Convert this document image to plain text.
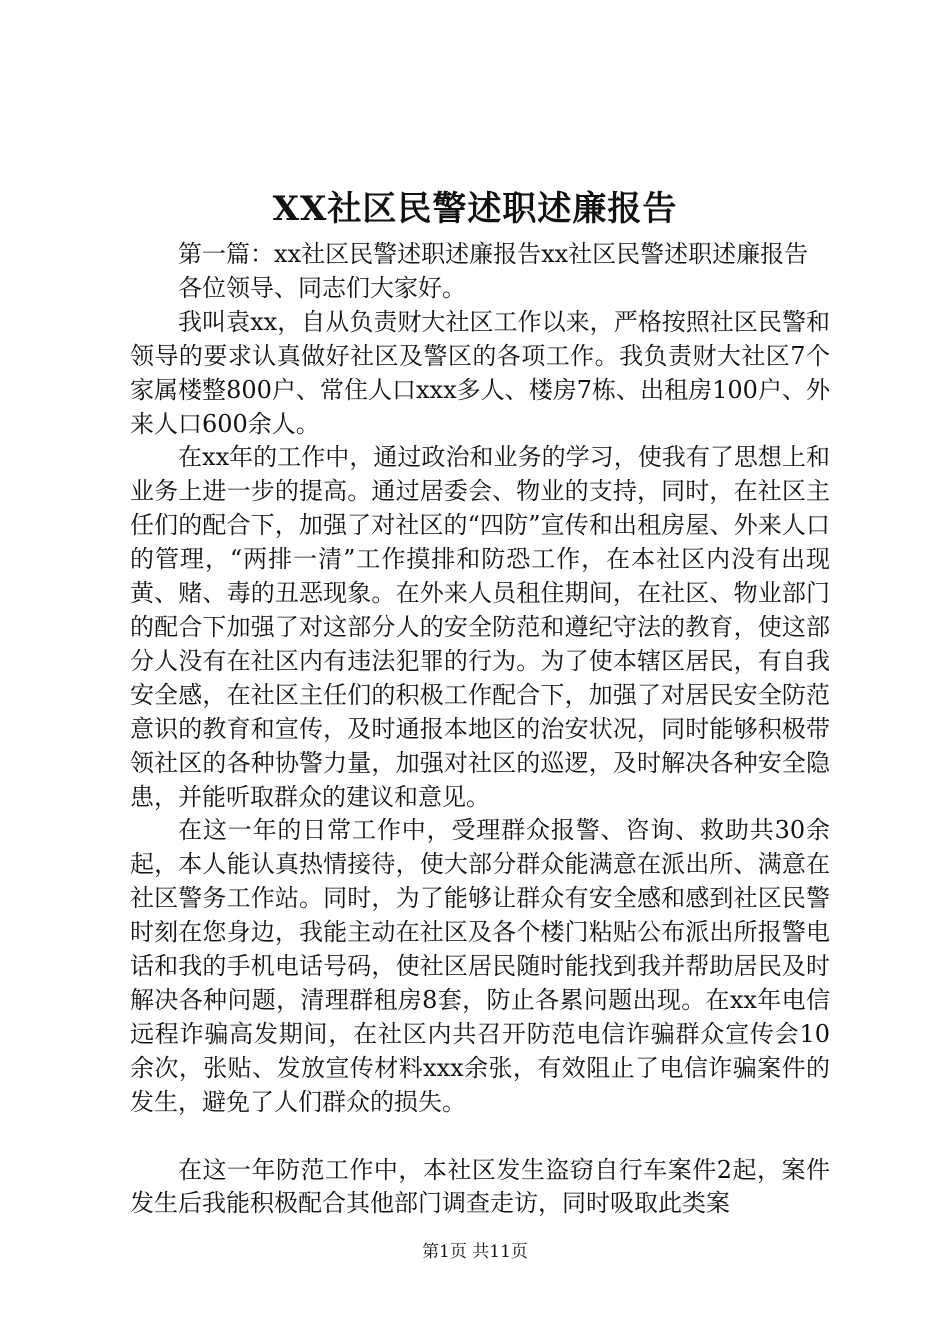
XX社区民警述职述廉报告

第一篇：xx社区民警述职述廉报告xx社区民警述职述廉报告

各位领导、同志们大家好。

我叫袁xx，自从负责财大社区工作以来，严格按照社区民警和领导的要求认真做好社区及警区的各项工作。我负责财大社区7个家属楼整800户、常住人口xxx多人、楼房7栋、出租房100户、外来人口600余人。

在xx年的工作中，通过政治和业务的学习，使我有了思想上和业务上进一步的提高。通过居委会、物业的支持，同时，在社区主任们的配合下，加强了对社区的“四防”宣传和出租房屋、外来人口的管理，“两排一清”工作摸排和防恐工作，在本社区内没有出现黄、赌、毒的丑恶现象。在外来人员租住期间，在社区、物业部门的配合下加强了对这部分人的安全防范和遵纪守法的教育，使这部分人没有在社区内有违法犯罪的行为。为了使本辖区居民，有自我安全感，在社区主任们的积极工作配合下，加强了对居民安全防范意识的教育和宣传，及时通报本地区的治安状况，同时能够积极带领社区的各种协警力量，加强对社区的巡逻，及时解决各种安全隐患，并能听取群众的建议和意见。

在这一年的日常工作中，受理群众报警、咨询、救助共30余起，本人能认真热情接待，使大部分群众能满意在派出所、满意在社区警务工作站。同时，为了能够让群众有安全感和感到社区民警时刻在您身边，我能主动在社区及各个楼门粘贴公布派出所报警电话和我的手机电话号码，使社区居民随时能找到我并帮助居民及时解决各种问题，清理群租房8套，防止各累问题出现。在xx年电信远程诈骗高发期间，在社区内共召开防范电信诈骗群众宣传会10余次，张贴、发放宣传材料xxx余张，有效阻止了电信诈骗案件的发生，避免了人们群众的损失。

在这一年防范工作中，本社区发生盗窃自行车案件2起，案件发生后我能积极配合其他部门调查走访，同时吸取此类案

第1页 共11页
